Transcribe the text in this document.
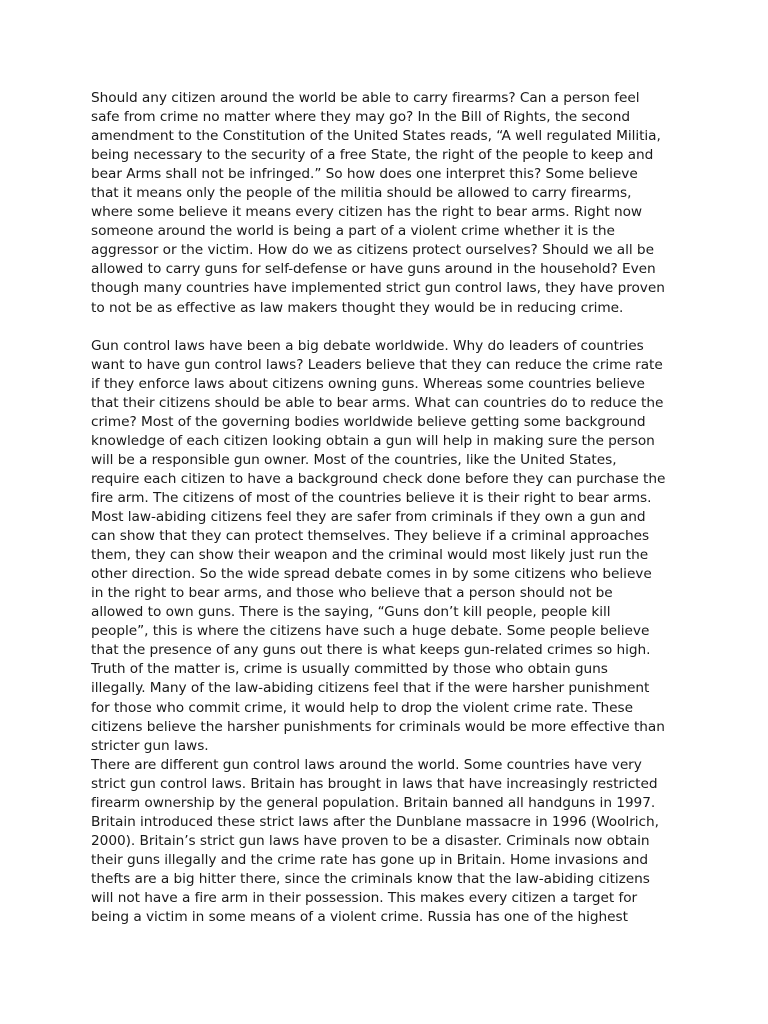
Should any citizen around the world be able to carry firearms? Can a person feel
safe from crime no matter where they may go? In the Bill of Rights, the second
amendment to the Constitution of the United States reads, “A well regulated Militia,
being necessary to the security of a free State, the right of the people to keep and
bear Arms shall not be infringed.” So how does one interpret this? Some believe
that it means only the people of the militia should be allowed to carry firearms,
where some believe it means every citizen has the right to bear arms. Right now
someone around the world is being a part of a violent crime whether it is the
aggressor or the victim. How do we as citizens protect ourselves? Should we all be
allowed to carry guns for self-defense or have guns around in the household? Even
though many countries have implemented strict gun control laws, they have proven
to not be as effective as law makers thought they would be in reducing crime.
Gun control laws have been a big debate worldwide. Why do leaders of countries
want to have gun control laws? Leaders believe that they can reduce the crime rate
if they enforce laws about citizens owning guns. Whereas some countries believe
that their citizens should be able to bear arms. What can countries do to reduce the
crime? Most of the governing bodies worldwide believe getting some background
knowledge of each citizen looking obtain a gun will help in making sure the person
will be a responsible gun owner. Most of the countries, like the United States,
require each citizen to have a background check done before they can purchase the
fire arm. The citizens of most of the countries believe it is their right to bear arms.
Most law-abiding citizens feel they are safer from criminals if they own a gun and
can show that they can protect themselves. They believe if a criminal approaches
them, they can show their weapon and the criminal would most likely just run the
other direction. So the wide spread debate comes in by some citizens who believe
in the right to bear arms, and those who believe that a person should not be
allowed to own guns. There is the saying, “Guns don’t kill people, people kill
people”, this is where the citizens have such a huge debate. Some people believe
that the presence of any guns out there is what keeps gun-related crimes so high.
Truth of the matter is, crime is usually committed by those who obtain guns
illegally. Many of the law-abiding citizens feel that if the were harsher punishment
for those who commit crime, it would help to drop the violent crime rate. These
citizens believe the harsher punishments for criminals would be more effective than
stricter gun laws.
There are different gun control laws around the world. Some countries have very
strict gun control laws. Britain has brought in laws that have increasingly restricted
firearm ownership by the general population. Britain banned all handguns in 1997.
Britain introduced these strict laws after the Dunblane massacre in 1996 (Woolrich,
2000). Britain’s strict gun laws have proven to be a disaster. Criminals now obtain
their guns illegally and the crime rate has gone up in Britain. Home invasions and
thefts are a big hitter there, since the criminals know that the law-abiding citizens
will not have a fire arm in their possession. This makes every citizen a target for
being a victim in some means of a violent crime. Russia has one of the highest
